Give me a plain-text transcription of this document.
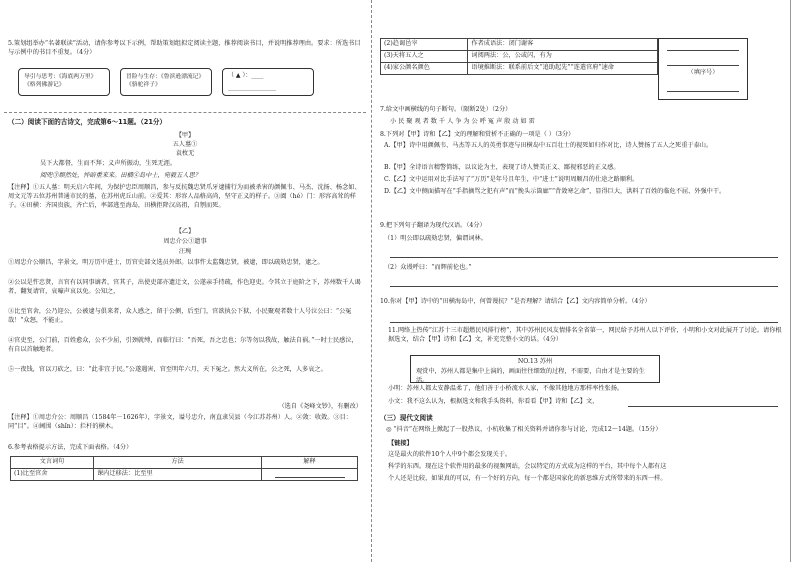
5.策划组举办“名著联读”活动，请你参考以下示例，帮助策划组拟定阅读主题，推荐阅读书目，并说明推荐理由。要求：所选书目与示例中的书目不重复。（4分）
导引与思考：《海底两万里》《格列佛游记》
冒险与生存：《鲁滨逊漂流记》《骆驼祥子》
（ ▲ ）：____
________________
（二）阅读下面的古诗文，完成第6～11题。（21分）
【甲】
五人墓①
袁枚无
吴下大都督，生而不拜；义声所振动，生死无涯。
阅兜③颓然处，悴暗重来来。田横④岛中士，宛毅五人思？
【注释】①五人墓：明天启六年间，为保护忠臣周顺昌，参与反抗魏忠贤爪牙逮捕行为而被杀害的颜佩韦、马杰、沈扬、杨念如、周文元等五位苏州普通市民的墓，在苏州虎丘山前。②爱其：形容人品格高尚，坚守正义的样子。③阖（hé）门：形容高耸的样子。④田横：齐国贵族，齐亡后，率部逃至海岛，田横拒降汉高祖，自刎而死。
【乙】
周忠介公①遗事
汪琬
①周忠介公顺昌，字景文，明万历中进士，历官史部文选员外郎。以事忤太监魏忠贤，被逮，即以疏劾忠贤，逮之。
②公以是忤忠贤，言官有以同事谪者，官其子，出使吏部亦遗迂文，公遂亲手持疏，作色迎吏。令其立于庭阶之下，苏州数千人谒者，翻复请官，哀嚎声哀以免。公知之，
③比至官舍，公乃迎公，公被逮与俱来者，众人感之，留于公侧，后至门，官欲执公下狱，小民聚观者数十人号泣公曰：“公冤哉！”众怒，不能止。
④官吏至，公门前，百姓愈众，公不少屈，引颈就缚，而临行曰：“吾死，吾之忠也；尔等勿以我故，触法自祸。”一时士民感泣，有自以首触地者。
⑤一夜钱，官以刀砍之，曰：“此非宜于民。”公遂遇害，官至明年六月，天下冤之。然大义所在，公之死，人多哀之。
（选自《尧峰文钞》，有删改）
【注释】①周忠介公：周顺昌（1584年－1626年），字景文，谥号忠介，南直隶吴县（今江苏苏州）人。②敛：收敛。③目：同“目”。④阃围（shǐn）：拦杆的横木。
6.参考表格提示方法，完成下面表格。（4分）
文言词句	方法	解释
(1)比至官舍	课内迁移法：比至里	
(2)趋谒邑宰	作者成语法：闭门谢客
(3)天将五人之	词阅两法：公，公或闪，有为
(4)家公颜名颜色	语境推断法：联系前后文“追助起先”“连遣官府”速命
（填序号）
7.给文中画横线的句子断句。（限断2处）（2分）
小 民 聚 观 者 数 千 人 争 为 公 呼 冤 声 殷 动 如 雷
8.下列对【甲】诗和【乙】文的理解和赏析不正确的一项是（ ）（3分）
A.【甲】诗中用颜佩韦、马杰等五人的英勇事迹与田横岛中五百壮士的视死如归作对比，诗人赞扬了五人之死重于泰山。
B.【甲】全诗语言精警简练，以议论为主，表现了诗人赞美正义、鄙视邪恶的正义感。
C.【乙】文中运用对比手法写了“万历”是年号且年生，中“进士”说明周顺昌的仕途之路顺利。
D.【乙】文中侧面描写在“手指摘骂之犯有声”而“挽头示箇廊”“背敛寒乞命”，显得巨大，洪料了百姓的临危不屈、外强中干。
9.把下列句子翻译为现代汉语。（4分）
（1）明公即以疏劾忠贤，偏谓词林。
（2）众谩呼曰：“而辉前伦也。”
10.你对【甲】诗中的“田横海岛中，何曾谩抗？”是否理解？请结合【乙】文内容简单分析。（4分）
11.网络上热传“江苏十三市超燃民风排行榜”，其中苏州民风友情排名全省第一，网民给予苏州人以下评价，小明和小文对此展开了讨论。请你根据选文，结合【甲】诗和【乙】文，补充完整小文的话。（4分）
NO.13 苏州
观赏中，苏州人都是集中上演的，画面往往细致的过程，不需要，自由才是主要的生活。
小明：苏州人都太安静温柔了，他们善于小桥流水人家，不像其他地方那样率性张扬。
小文：我不这么认为，根据选文和我手头资料，你看看【甲】诗和【乙】文，
（三）现代文阅读
◎ “抖音”在网络上掀起了一股热议，小杭收集了相关资料并请你参与讨论，完成12～14题。（15分）
【链接】
这是最火的软件10个人中9个都会发现关于。
科学的东西。现在这个软件用的最多的视频网站，会以特定的方式成为这样的平台，其中每个人都有这
个人还是比较，如果真的可以，有一个好的方向，每一个都是国家化的新思维方式所带来的东西一样。
